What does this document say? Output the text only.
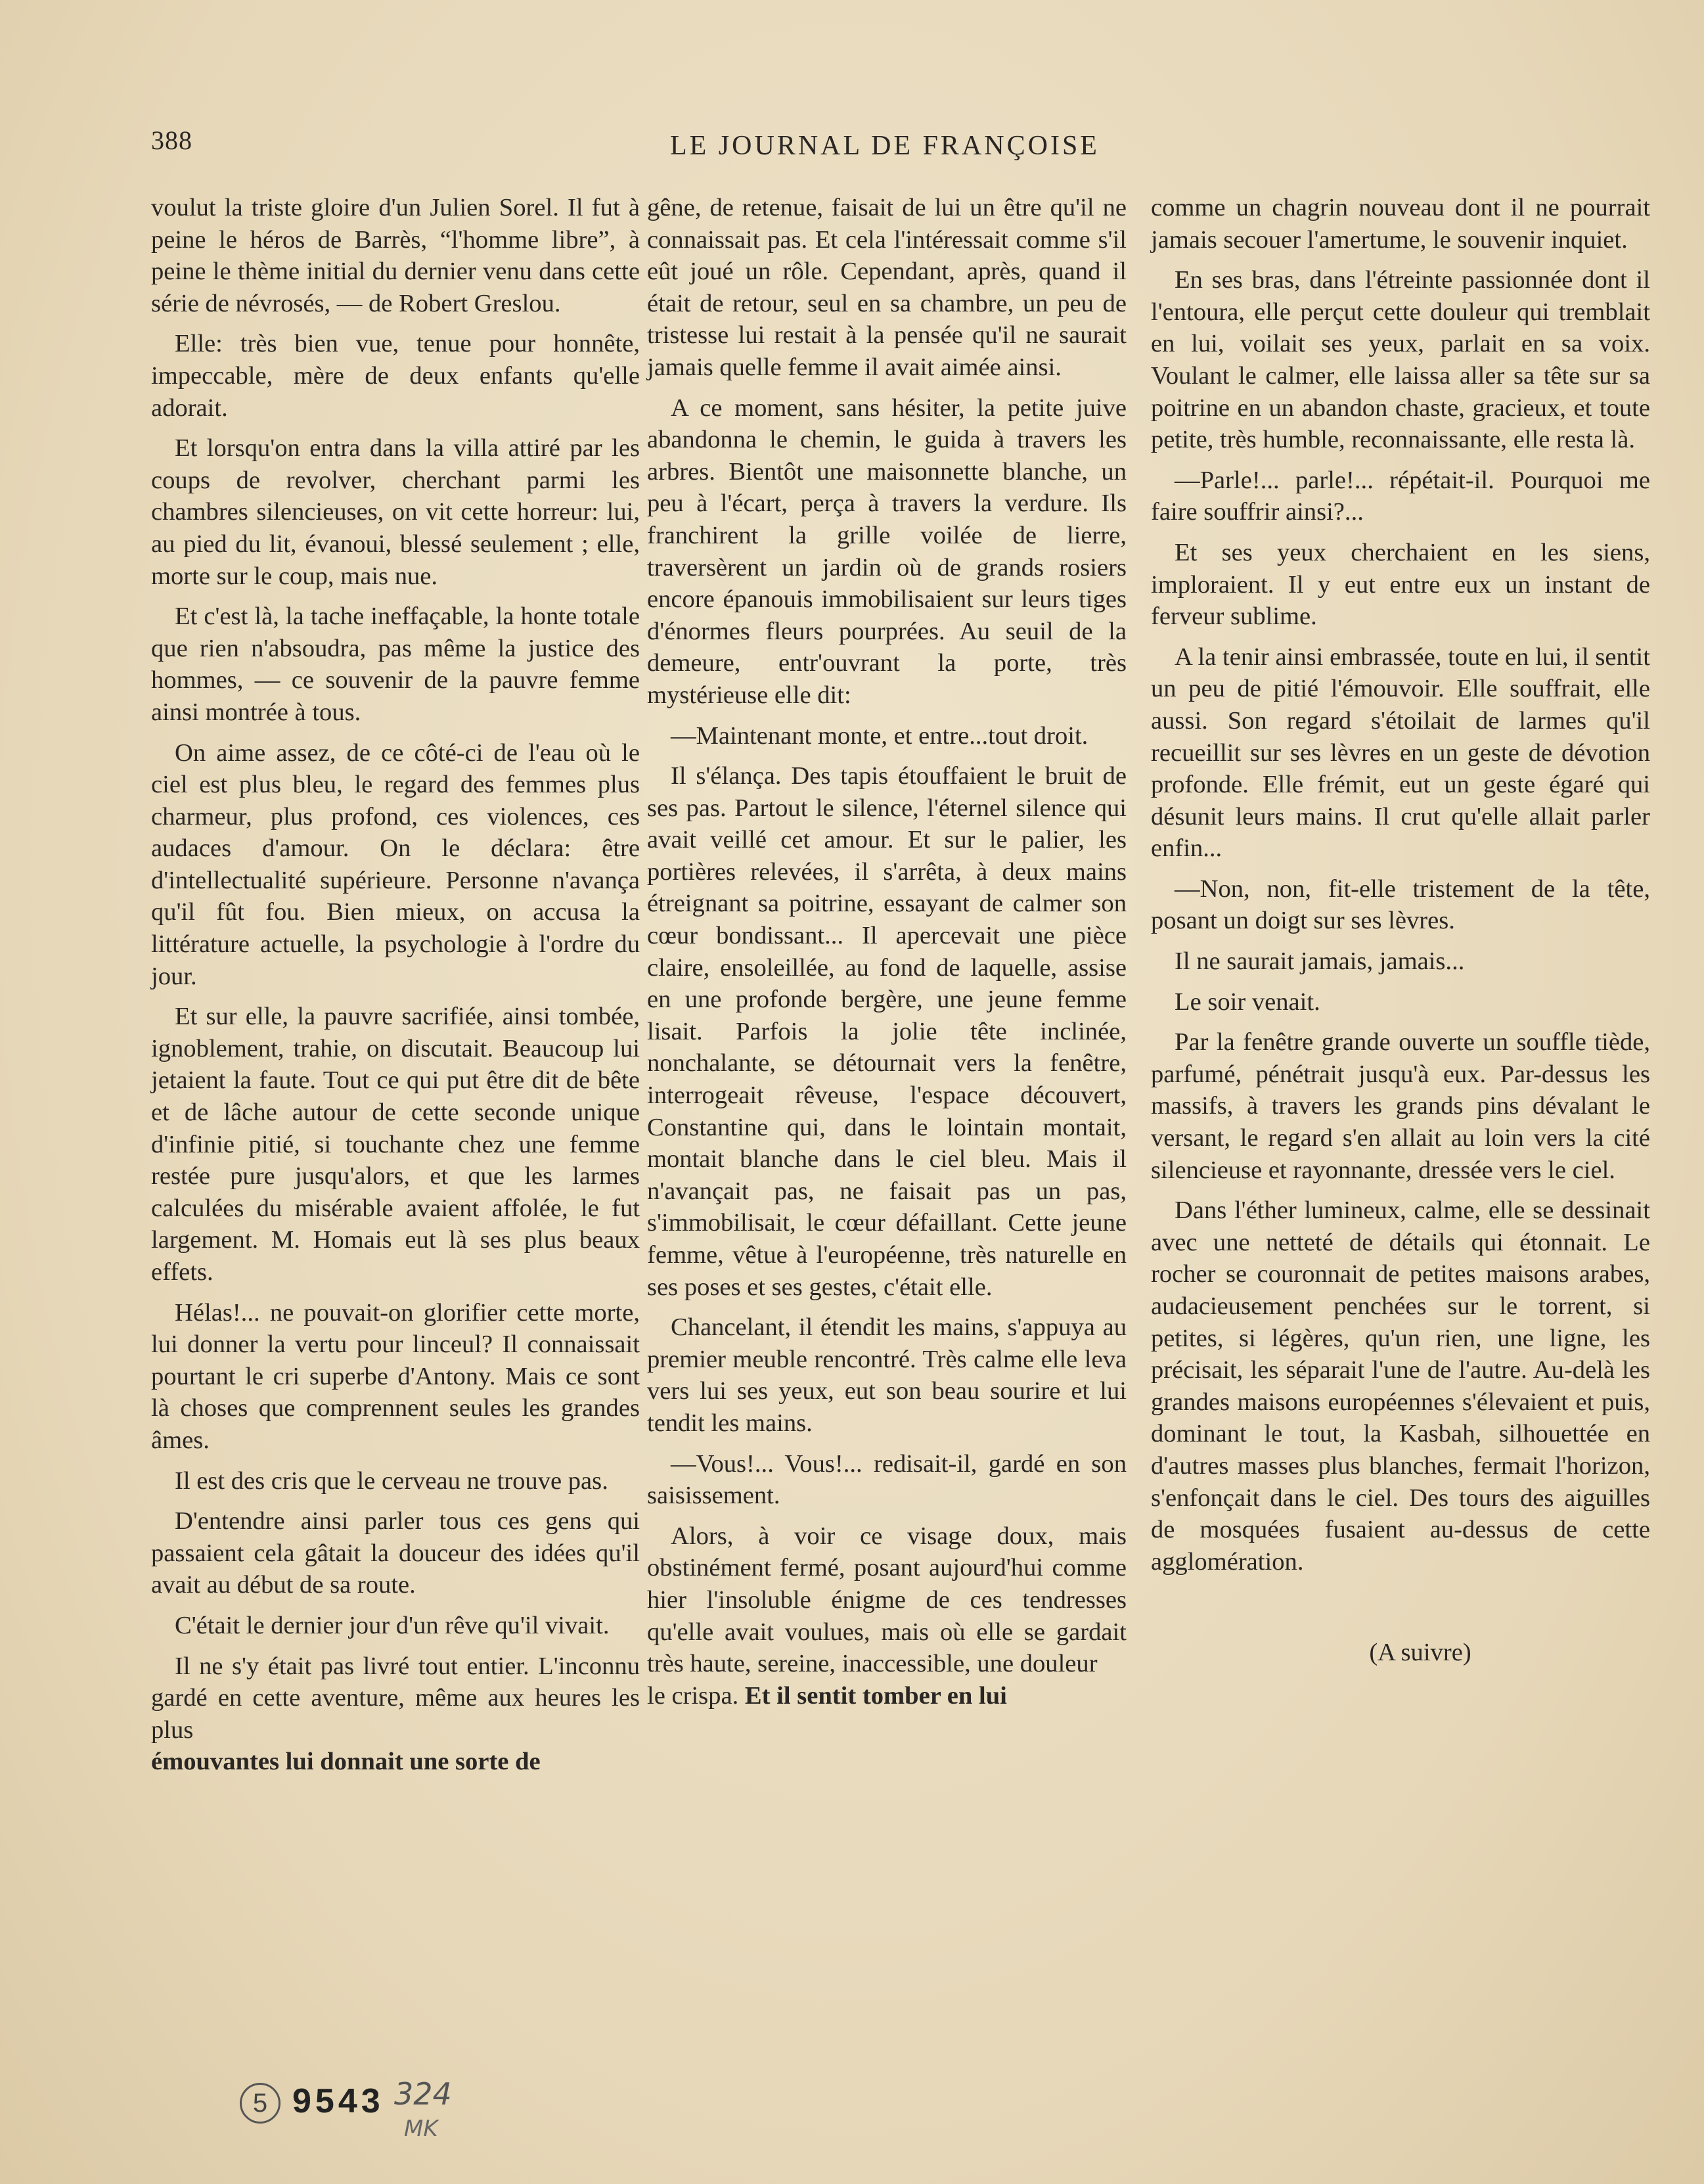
388	LE JOURNAL DE FRANÇOISE

voulut la triste gloire d'un Julien Sorel. Il fut à peine le héros de Barrès, “l'homme libre”, à peine le thème initial du dernier venu dans cette série de névrosés, — de Robert Greslou.

Elle: très bien vue, tenue pour honnête, impeccable, mère de deux enfants qu'elle adorait.

Et lorsqu'on entra dans la villa attiré par les coups de revolver, cherchant parmi les chambres silencieuses, on vit cette horreur: lui, au pied du lit, évanoui, blessé seulement ; elle, morte sur le coup, mais nue.

Et c'est là, la tache ineffaçable, la honte totale que rien n'absoudra, pas même la justice des hommes, — ce souvenir de la pauvre femme ainsi montrée à tous.

On aime assez, de ce côté-ci de l'eau où le ciel est plus bleu, le regard des femmes plus charmeur, plus profond, ces violences, ces audaces d'amour. On le déclara: être d'intellectualité supérieure. Personne n'avança qu'il fût fou. Bien mieux, on accusa la littérature actuelle, la psychologie à l'ordre du jour.

Et sur elle, la pauvre sacrifiée, ainsi tombée, ignoblement, trahie, on discutait. Beaucoup lui jetaient la faute. Tout ce qui put être dit de bête et de lâche autour de cette seconde unique d'infinie pitié, si touchante chez une femme restée pure jusqu'alors, et que les larmes calculées du misérable avaient affolée, le fut largement. M. Homais eut là ses plus beaux effets.

Hélas!... ne pouvait-on glorifier cette morte, lui donner la vertu pour linceul? Il connaissait pourtant le cri superbe d'Antony. Mais ce sont là choses que comprennent seules les grandes âmes.

Il est des cris que le cerveau ne trouve pas.

D'entendre ainsi parler tous ces gens qui passaient cela gâtait la douceur des idées qu'il avait au début de sa route.

C'était le dernier jour d'un rêve qu'il vivait.

Il ne s'y était pas livré tout entier. L'inconnu gardé en cette aventure, même aux heures les plus

émouvantes lui donnait une sorte de

gêne, de retenue, faisait de lui un être qu'il ne connaissait pas. Et cela l'intéressait comme s'il eût joué un rôle. Cependant, après, quand il était de retour, seul en sa chambre, un peu de tristesse lui restait à la pensée qu'il ne saurait jamais quelle femme il avait aimée ainsi.

A ce moment, sans hésiter, la petite juive abandonna le chemin, le guida à travers les arbres. Bientôt une maisonnette blanche, un peu à l'écart, perça à travers la verdure. Ils franchirent la grille voilée de lierre, traversèrent un jardin où de grands rosiers encore épanouis immobilisaient sur leurs tiges d'énormes fleurs pourprées. Au seuil de la demeure, entr'ouvrant la porte, très mystérieuse elle dit:

—Maintenant monte, et entre...tout droit.

Il s'élança. Des tapis étouffaient le bruit de ses pas. Partout le silence, l'éternel silence qui avait veillé cet amour. Et sur le palier, les portières relevées, il s'arrêta, à deux mains étreignant sa poitrine, essayant de calmer son cœur bondissant... Il apercevait une pièce claire, ensoleillée, au fond de laquelle, assise en une profonde bergère, une jeune femme lisait. Parfois la jolie tête inclinée, nonchalante, se détournait vers la fenêtre, interrogeait rêveuse, l'espace découvert, Constantine qui, dans le lointain montait, montait blanche dans le ciel bleu. Mais il n'avançait pas, ne faisait pas un pas, s'immobilisait, le cœur défaillant. Cette jeune femme, vêtue à l'européenne, très naturelle en ses poses et ses gestes, c'était elle.

Chancelant, il étendit les mains, s'appuya au premier meuble rencontré. Très calme elle leva vers lui ses yeux, eut son beau sourire et lui tendit les mains.

—Vous!... Vous!... redisait-il, gardé en son saisissement.

Alors, à voir ce visage doux, mais obstinément fermé, posant aujourd'hui comme hier l'insoluble énigme de ces tendresses qu'elle avait voulues, mais où elle se gardait très haute, sereine, inaccessible, une douleur

le crispa. Et il sentit tomber en lui

comme un chagrin nouveau dont il ne pourrait jamais secouer l'amertume, le souvenir inquiet.

En ses bras, dans l'étreinte passionnée dont il l'entoura, elle perçut cette douleur qui tremblait en lui, voilait ses yeux, parlait en sa voix. Voulant le calmer, elle laissa aller sa tête sur sa poitrine en un abandon chaste, gracieux, et toute petite, très humble, reconnaissante, elle resta là.

—Parle!... parle!... répétait-il. Pourquoi me faire souffrir ainsi?...

Et ses yeux cherchaient en les siens, imploraient. Il y eut entre eux un instant de ferveur sublime.

A la tenir ainsi embrassée, toute en lui, il sentit un peu de pitié l'émouvoir. Elle souffrait, elle aussi. Son regard s'étoilait de larmes qu'il recueillit sur ses lèvres en un geste de dévotion profonde. Elle frémit, eut un geste égaré qui désunit leurs mains. Il crut qu'elle allait parler enfin...

—Non, non, fit-elle tristement de la tête, posant un doigt sur ses lèvres.

Il ne saurait jamais, jamais...

Le soir venait.

Par la fenêtre grande ouverte un souffle tiède, parfumé, pénétrait jusqu'à eux. Par-dessus les massifs, à travers les grands pins dévalant le versant, le regard s'en allait au loin vers la cité silencieuse et rayonnante, dressée vers le ciel.

Dans l'éther lumineux, calme, elle se dessinait avec une netteté de détails qui étonnait. Le rocher se couronnait de petites maisons arabes, audacieusement penchées sur le torrent, si petites, si légères, qu'un rien, une ligne, les précisait, les séparait l'une de l'autre. Au-delà les grandes maisons européennes s'élevaient et puis, dominant le tout, la Kasbah, silhouettée en d'autres masses plus blanches, fermait l'horizon, s'enfonçait dans le ciel. Des tours des aiguilles de mosquées fusaient au-dessus de cette agglomération.

(A suivre)

5 9543 324
MK
